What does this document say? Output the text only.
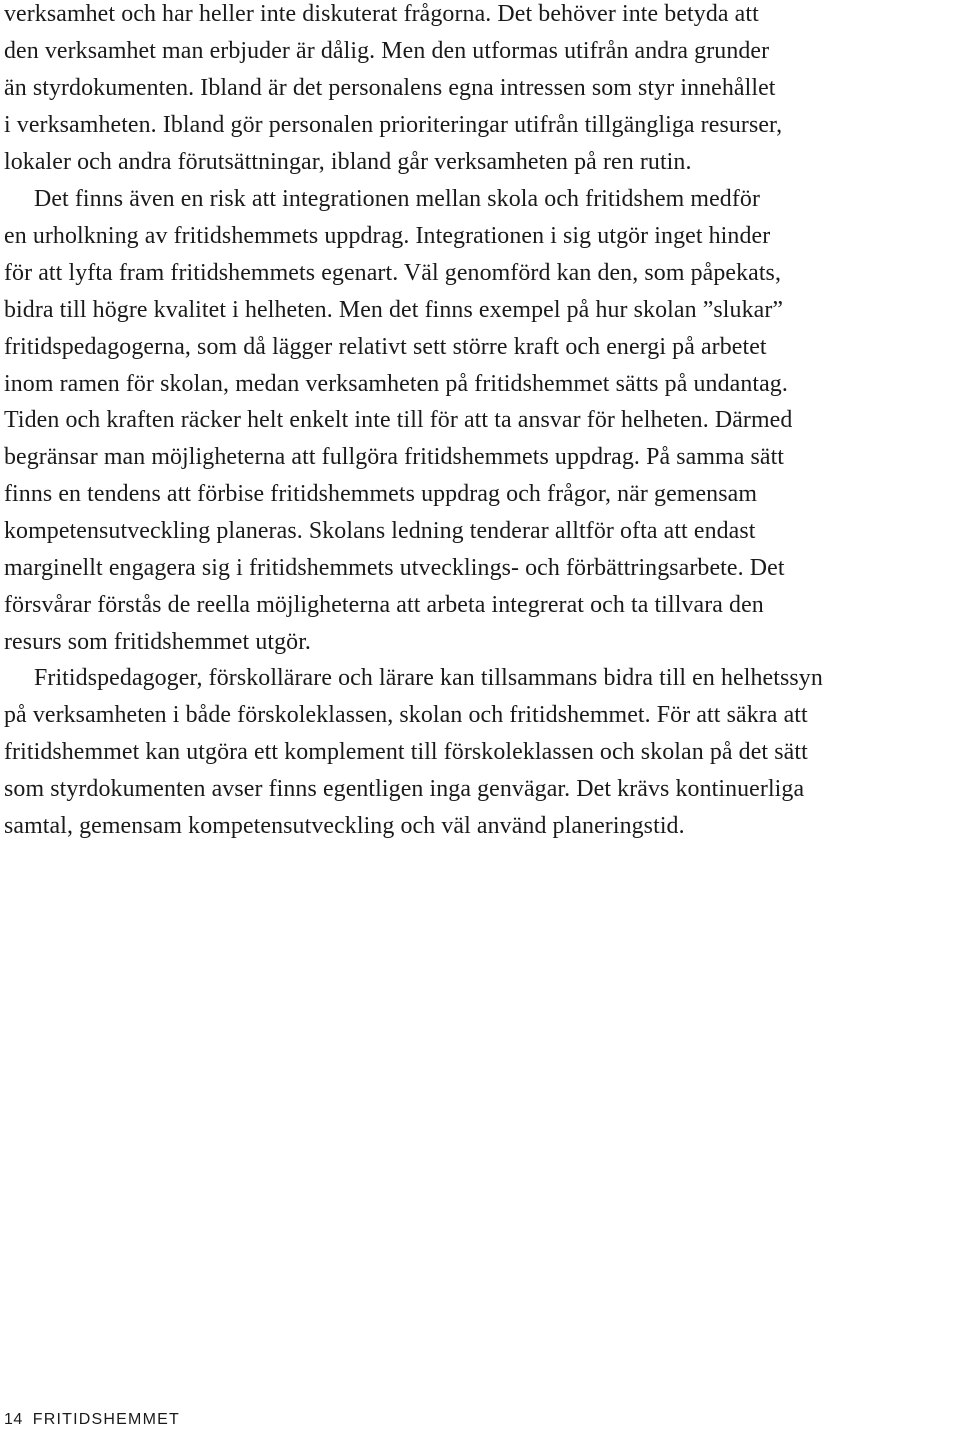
verksamhet och har heller inte diskuterat frågorna. Det behöver inte betyda att
den verksamhet man erbjuder är dålig. Men den utformas utifrån andra grunder
än styrdokumenten. Ibland är det personalens egna intressen som styr innehållet
i verksamheten. Ibland gör personalen prioriteringar utifrån tillgängliga resurser,
lokaler och andra förutsättningar, ibland går verksamheten på ren rutin.
Det finns även en risk att integrationen mellan skola och fritidshem medför
en urholkning av fritidshemmets uppdrag. Integrationen i sig utgör inget hinder
för att lyfta fram fritidshemmets egenart. Väl genomförd kan den, som påpekats,
bidra till högre kvalitet i helheten. Men det finns exempel på hur skolan ”slukar”
fritidspedagogerna, som då lägger relativt sett större kraft och energi på arbetet
inom ramen för skolan, medan verksamheten på fritidshemmet sätts på undantag.
Tiden och kraften räcker helt enkelt inte till för att ta ansvar för helheten. Därmed
begränsar man möjligheterna att fullgöra fritidshemmets uppdrag. På samma sätt
finns en tendens att förbise fritidshemmets uppdrag och frågor, när gemensam
kompetensutveckling planeras. Skolans ledning tenderar alltför ofta att endast
marginellt engagera sig i fritidshemmets utvecklings- och förbättringsarbete. Det
försvårar förstås de reella möjligheterna att arbeta integrerat och ta tillvara den
resurs som fritidshemmet utgör.
Fritidspedagoger, förskollärare och lärare kan tillsammans bidra till en helhetssyn
på verksamheten i både förskoleklassen, skolan och fritidshemmet. För att säkra att
fritidshemmet kan utgöra ett komplement till förskoleklassen och skolan på det sätt
som styrdokumenten avser finns egentligen inga genvägar. Det krävs kontinuerliga
samtal, gemensam kompetensutveckling och väl använd planeringstid.
14 FRITIDSHEMMET
